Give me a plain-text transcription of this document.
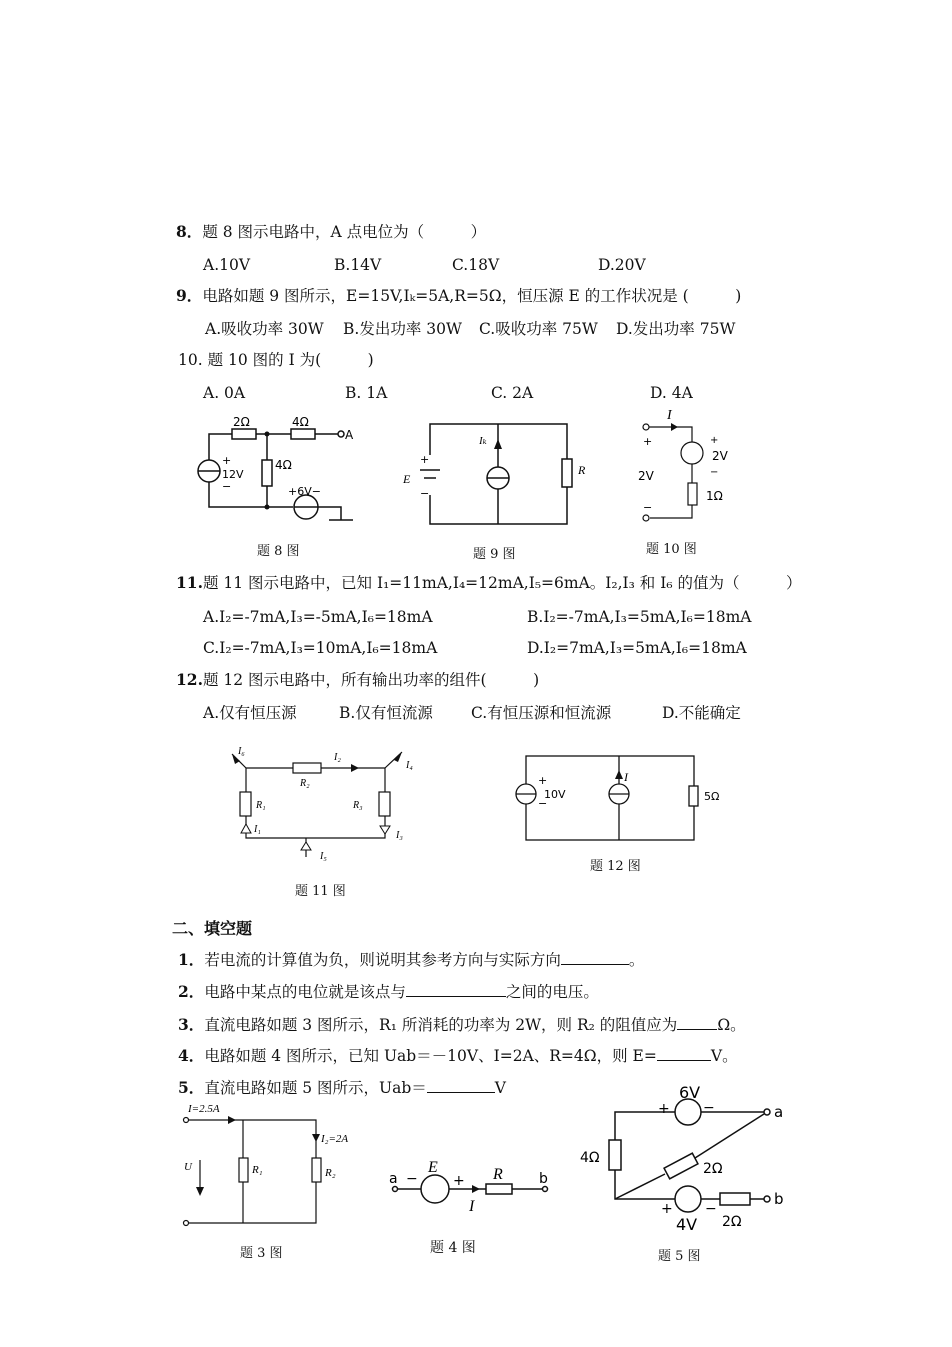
8．题 8 图示电路中，A 点电位为（　　　）
A.10V	B.14V	C.18V	D.20V
9．电路如题 9 图所示，E=15V,Iₖ=5A,R=5Ω，恒压源 E 的工作状况是 (　　　)
A.吸收功率 30W B.发出功率 30W C.吸收功率 75W D.发出功率 75W
10. 题 10 图的 I 为(　　　)
A. 0A	B. 1A	C. 2A	D. 4A
2Ω	4Ω
A
4Ω
+
12V
−	+6V−
题 8 图
+
E
−
Iₖ
R
题 9 图
I
+
2V
−
+
2V
−
1Ω
题 10 图
11.题 11 图示电路中，已知 I₁=11mA,I₄=12mA,I₅=6mA。I₂,I₃ 和 I₆ 的值为（　　　）
A.I₂=-7mA,I₃=-5mA,I₆=18mA	B.I₂=-7mA,I₃=5mA,I₆=18mA
C.I₂=-7mA,I₃=10mA,I₆=18mA	D.I₂=7mA,I₃=5mA,I₆=18mA
12.题 12 图示电路中，所有输出功率的组件(　　　)
A.仅有恒压源	B.仅有恒流源 C.有恒压源和恒流源	D.不能确定
I₆
I₂
I₄
R₂
R₁	R₃
I₁
I₃
I₅
题 11 图
+
10V
−
I
5Ω
题 12 图
二、填空题
1．若电流的计算值为负，则说明其参考方向与实际方向	。
2．电路中某点的电位就是该点与	之间的电压。
3．直流电路如题 3 图所示，R₁ 所消耗的功率为 2W，则 R₂ 的阻值应为	Ω。
4．电路如题 4 图所示，已知 Uab＝－10V、I=2A、R=4Ω，则 E=	V。
5．直流电路如题 5 图所示，Uab＝	V
I=2.5A
I₂=2A
U	R₁	R₂
题 3 图
a	b
E
−	+ R
I
题 4 图
6V
+ −	a
4Ω
2Ω
+ −
4V 2Ω
b
题 5 图
